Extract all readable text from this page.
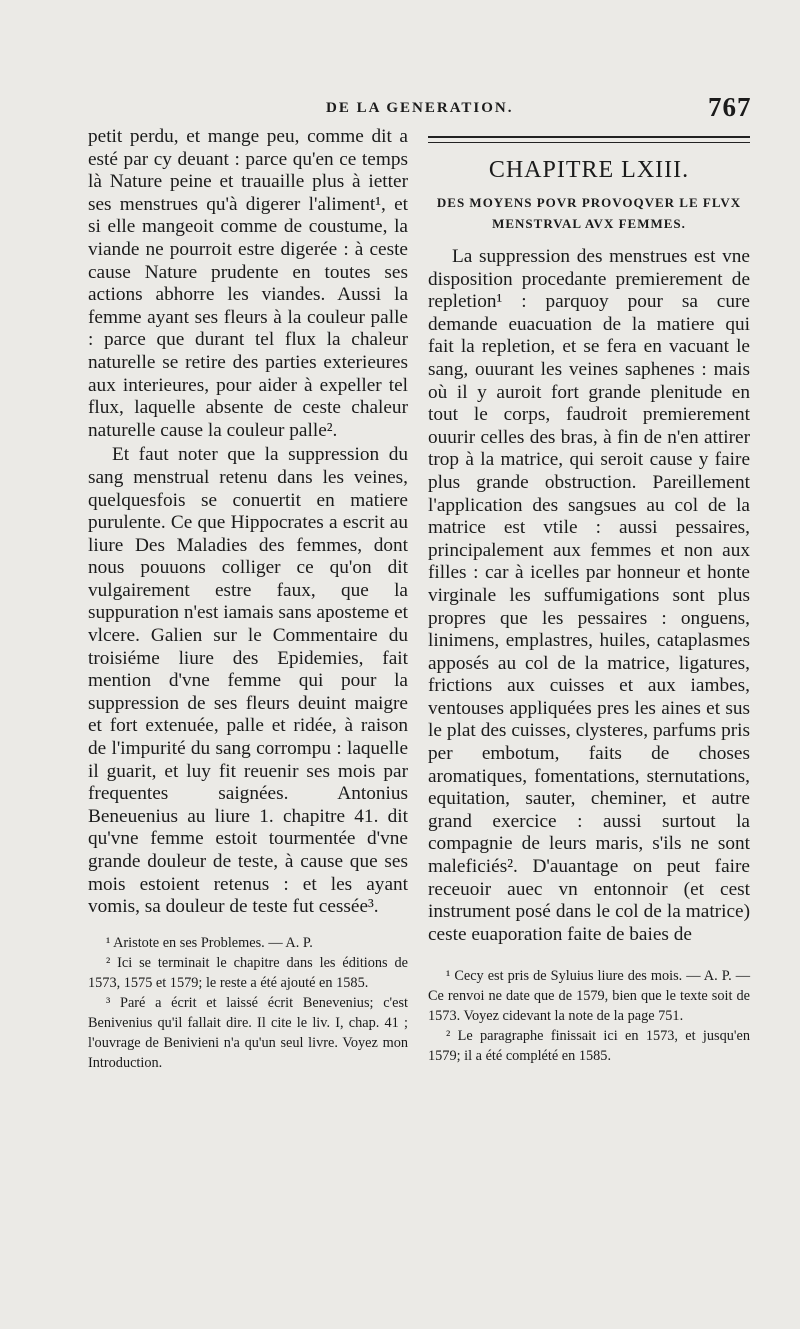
DE LA GENERATION.	767

petit perdu, et mange peu, comme dit a esté par cy deuant : parce qu'en ce temps là Nature peine et trauaille plus à ietter ses menstrues qu'à digerer l'aliment¹, et si elle mangeoit comme de coustume, la viande ne pourroit estre digerée : à ceste cause Nature prudente en toutes ses actions abhorre les viandes. Aussi la femme ayant ses fleurs à la couleur palle : parce que durant tel flux la chaleur naturelle se retire des parties exterieures aux interieures, pour aider à expeller tel flux, laquelle absente de ceste chaleur naturelle cause la couleur palle².

Et faut noter que la suppression du sang menstrual retenu dans les veines, quelquesfois se conuertit en matiere purulente. Ce que Hippocrates a escrit au liure Des Maladies des femmes, dont nous pouuons colliger ce qu'on dit vulgairement estre faux, que la suppuration n'est iamais sans aposteme et vlcere. Galien sur le Commentaire du troisiéme liure des Epidemies, fait mention d'vne femme qui pour la suppression de ses fleurs deuint maigre et fort extenuée, palle et ridée, à raison de l'impurité du sang corrompu : laquelle il guarit, et luy fit reuenir ses mois par frequentes saignées. Antonius Beneuenius au liure 1. chapitre 41. dit qu'vne femme estoit tourmentée d'vne grande douleur de teste, à cause que ses mois estoient retenus : et les ayant vomis, sa douleur de teste fut cessée³.

¹ Aristote en ses Problemes. — A. P.

² Ici se terminait le chapitre dans les éditions de 1573, 1575 et 1579; le reste a été ajouté en 1585.

³ Paré a écrit et laissé écrit Benevenius; c'est Benivenius qu'il fallait dire. Il cite le liv. I, chap. 41 ; l'ouvrage de Benivieni n'a qu'un seul livre. Voyez mon Introduction.

CHAPITRE LXIII.
DES MOYENS POVR PROVOQVER LE FLVX MENSTRVAL AVX FEMMES.

La suppression des menstrues est vne disposition procedante premierement de repletion¹ : parquoy pour sa cure demande euacuation de la matiere qui fait la repletion, et se fera en vacuant le sang, ouurant les veines saphenes : mais où il y auroit fort grande plenitude en tout le corps, faudroit premierement ouurir celles des bras, à fin de n'en attirer trop à la matrice, qui seroit cause y faire plus grande obstruction. Pareillement l'application des sangsues au col de la matrice est vtile : aussi pessaires, principalement aux femmes et non aux filles : car à icelles par honneur et honte virginale les suffumigations sont plus propres que les pessaires : onguens, linimens, emplastres, huiles, cataplasmes apposés au col de la matrice, ligatures, frictions aux cuisses et aux iambes, ventouses appliquées pres les aines et sus le plat des cuisses, clysteres, parfums pris per embotum, faits de choses aromatiques, fomentations, sternutations, equitation, sauter, cheminer, et autre grand exercice : aussi surtout la compagnie de leurs maris, s'ils ne sont maleficiés². D'auantage on peut faire receuoir auec vn entonnoir (et cest instrument posé dans le col de la matrice) ceste euaporation faite de baies de

¹ Cecy est pris de Syluius liure des mois. — A. P. — Ce renvoi ne date que de 1579, bien que le texte soit de 1573. Voyez cidevant la note de la page 751.

² Le paragraphe finissait ici en 1573, et jusqu'en 1579; il a été complété en 1585.
